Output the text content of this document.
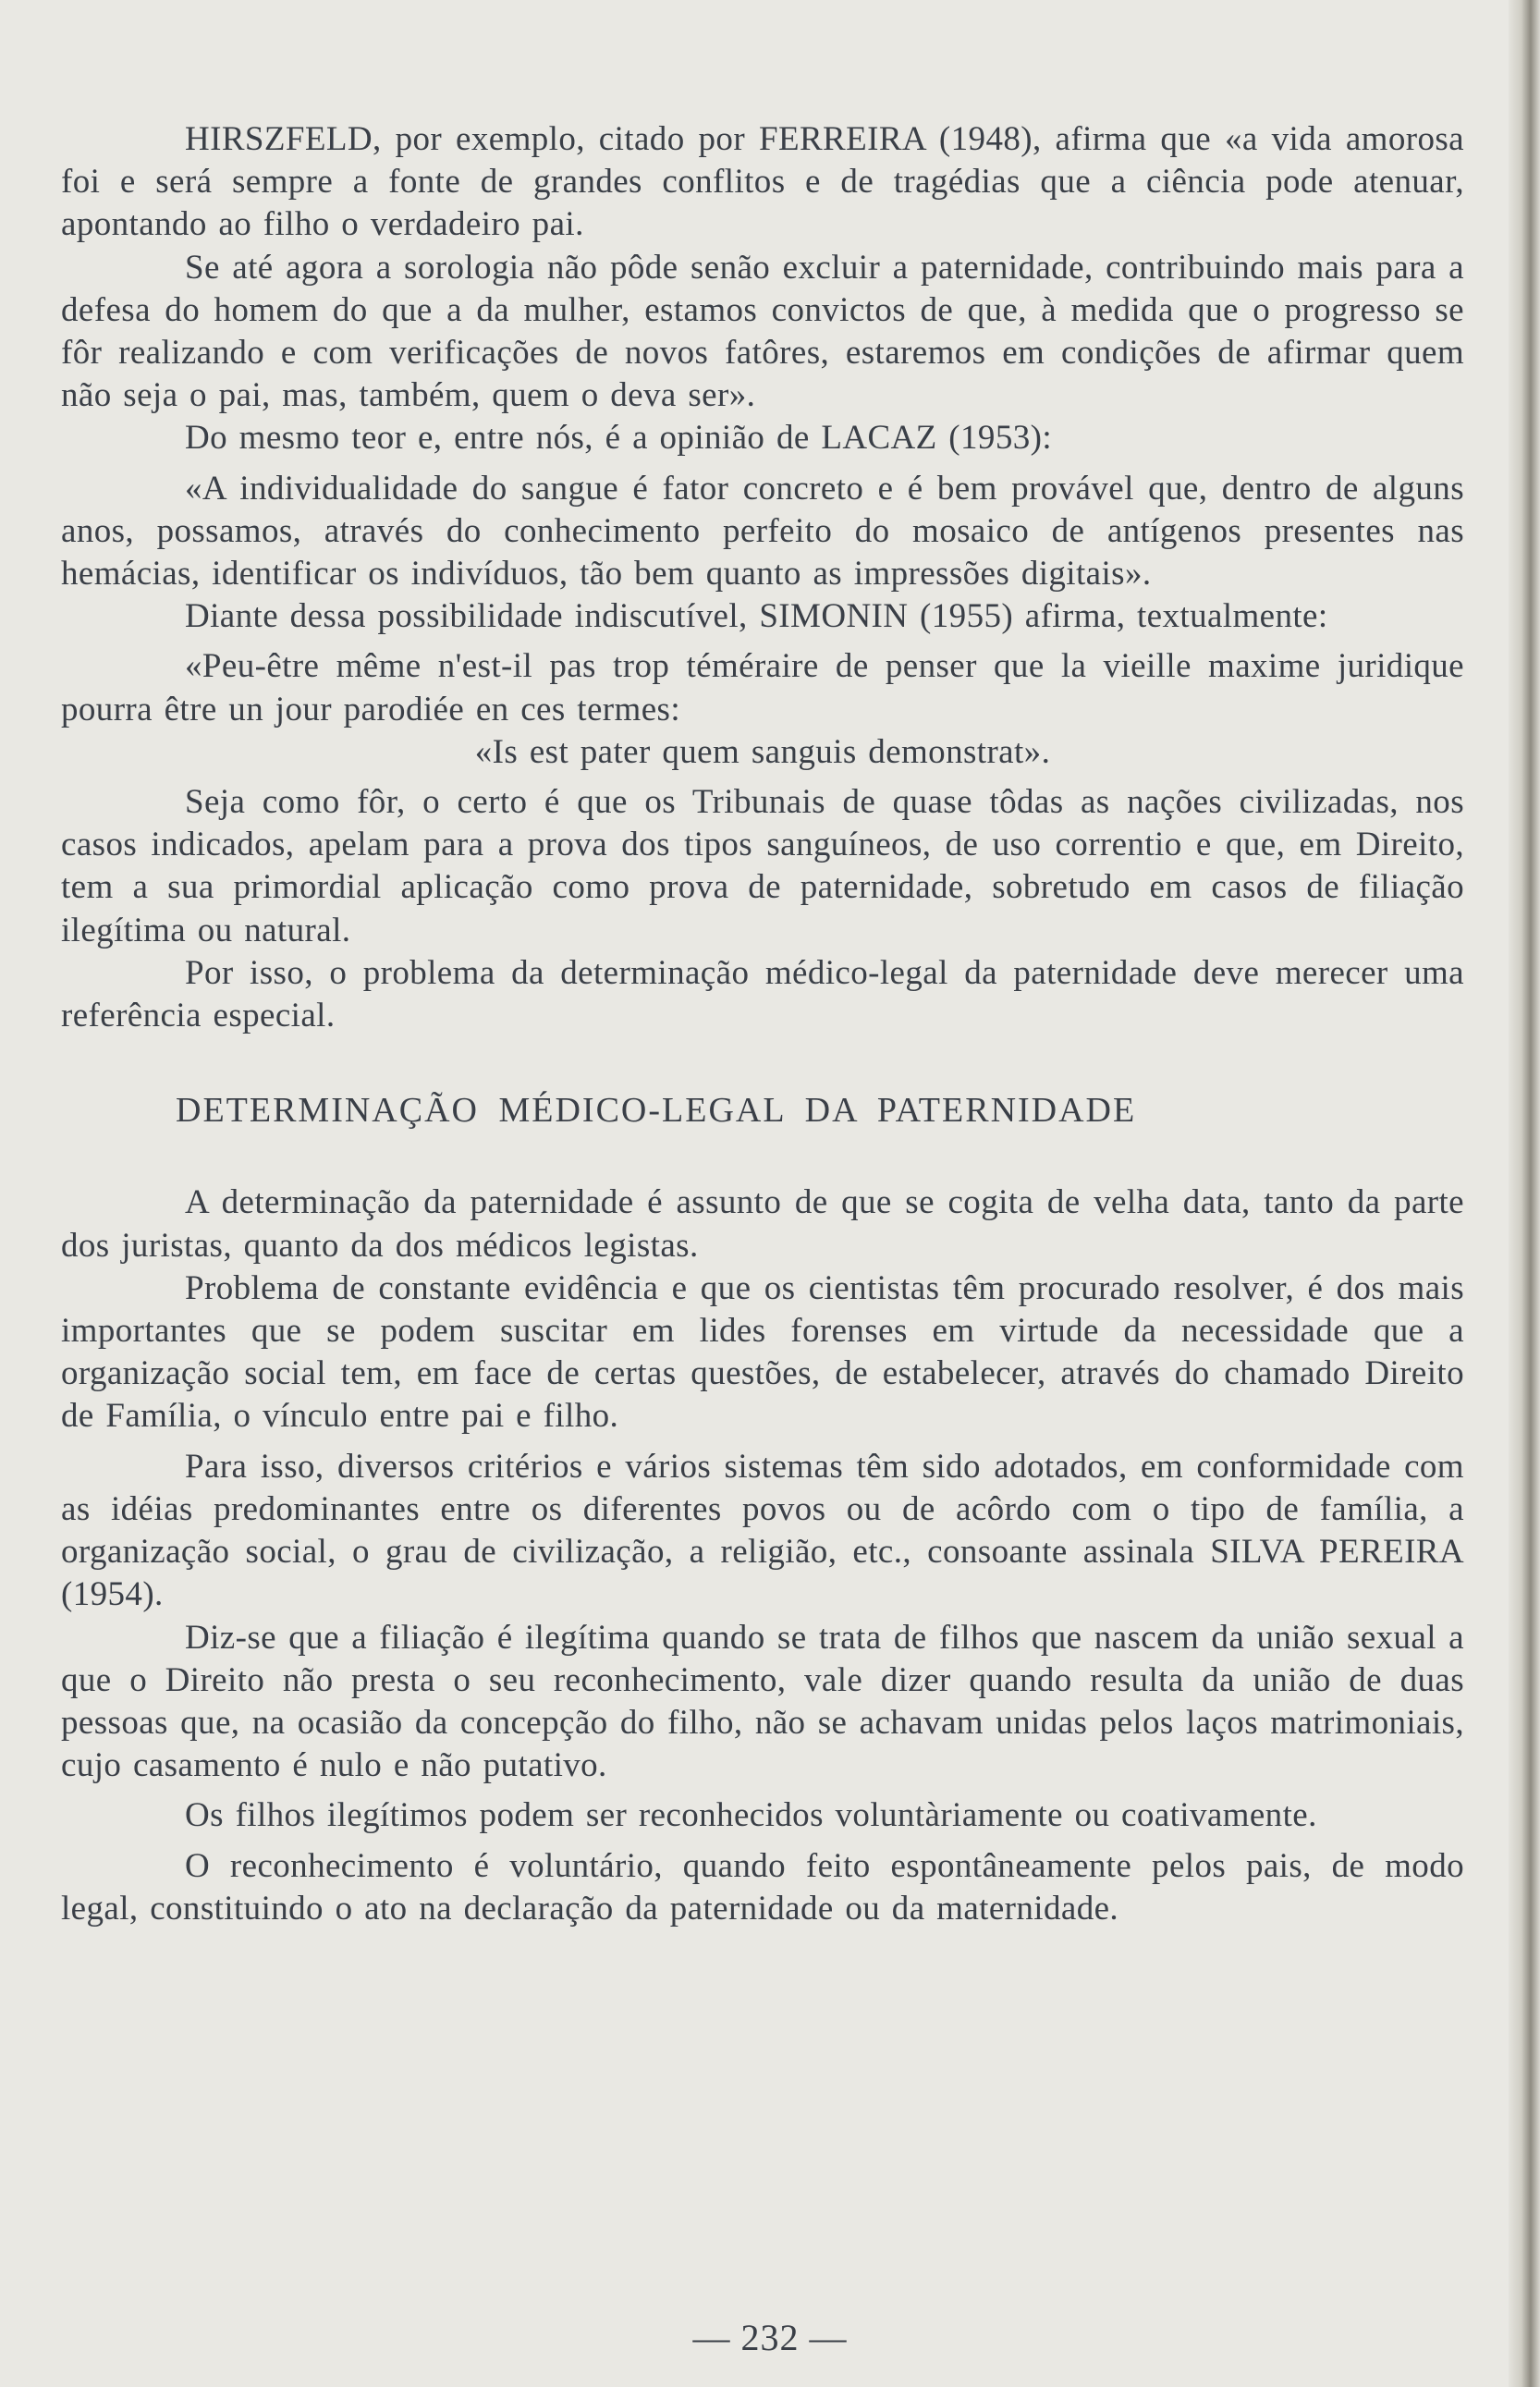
HIRSZFELD, por exemplo, citado por FERREIRA (1948), afirma que «a vida amorosa foi e será sempre a fonte de grandes conflitos e de tragédias que a ciência pode atenuar, apontando ao filho o verdadeiro pai.

Se até agora a sorologia não pôde senão excluir a paternidade, contribuindo mais para a defesa do homem do que a da mulher, estamos convictos de que, à medida que o progresso se fôr realizando e com verificações de novos fatôres, estaremos em condições de afirmar quem não seja o pai, mas, também, quem o deva ser».

Do mesmo teor e, entre nós, é a opinião de LACAZ (1953):

«A individualidade do sangue é fator concreto e é bem provável que, dentro de alguns anos, possamos, através do conhecimento perfeito do mosaico de antígenos presentes nas hemácias, identificar os indivíduos, tão bem quanto as impressões digitais».

Diante dessa possibilidade indiscutível, SIMONIN (1955) afirma, textualmente:

«Peu-être même n'est-il pas trop téméraire de penser que la vieille maxime juridique pourra être un jour parodiée en ces termes:

«Is est pater quem sanguis demonstrat».

Seja como fôr, o certo é que os Tribunais de quase tôdas as nações civilizadas, nos casos indicados, apelam para a prova dos tipos sanguíneos, de uso correntio e que, em Direito, tem a sua primordial aplicação como prova de paternidade, sobretudo em casos de filiação ilegítima ou natural.

Por isso, o problema da determinação médico-legal da paternidade deve merecer uma referência especial.

DETERMINAÇÃO MÉDICO-LEGAL DA PATERNIDADE

A determinação da paternidade é assunto de que se cogita de velha data, tanto da parte dos juristas, quanto da dos médicos legistas.

Problema de constante evidência e que os cientistas têm procurado resolver, é dos mais importantes que se podem suscitar em lides forenses em virtude da necessidade que a organização social tem, em face de certas questões, de estabelecer, através do chamado Direito de Família, o vínculo entre pai e filho.

Para isso, diversos critérios e vários sistemas têm sido adotados, em conformidade com as idéias predominantes entre os diferentes povos ou de acôrdo com o tipo de família, a organização social, o grau de civilização, a religião, etc., consoante assinala SILVA PEREIRA (1954).

Diz-se que a filiação é ilegítima quando se trata de filhos que nascem da união sexual a que o Direito não presta o seu reconhecimento, vale dizer quando resulta da união de duas pessoas que, na ocasião da concepção do filho, não se achavam unidas pelos laços matrimoniais, cujo casamento é nulo e não putativo.

Os filhos ilegítimos podem ser reconhecidos voluntàriamente ou coativamente.

O reconhecimento é voluntário, quando feito espontâneamente pelos pais, de modo legal, constituindo o ato na declaração da paternidade ou da maternidade.

— 232 —
